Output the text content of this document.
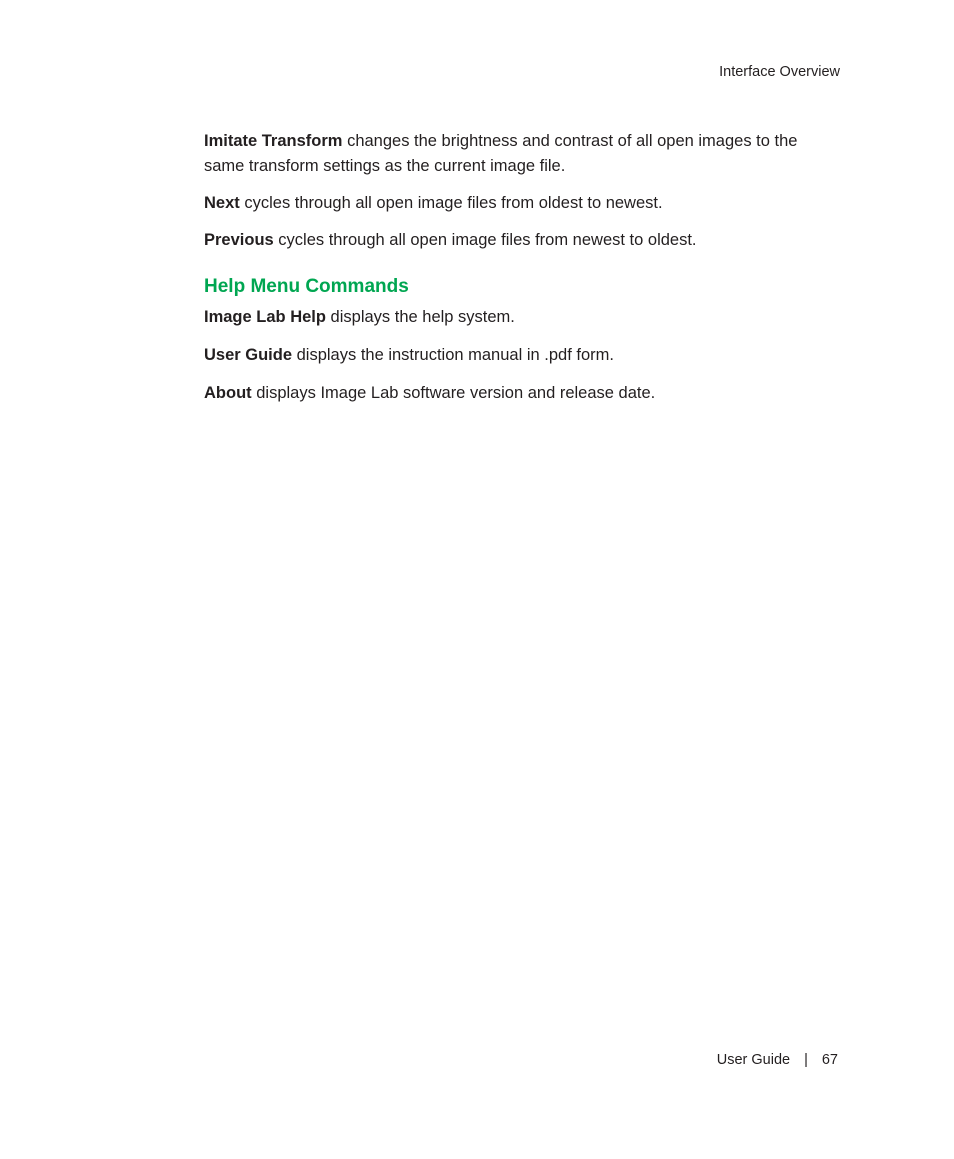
Interface Overview

Imitate Transform changes the brightness and contrast of all open images to the same transform settings as the current image file.

Next cycles through all open image files from oldest to newest.

Previous cycles through all open image files from newest to oldest.

Help Menu Commands

Image Lab Help displays the help system.

User Guide displays the instruction manual in .pdf form.

About displays Image Lab software version and release date.

User Guide | 67
